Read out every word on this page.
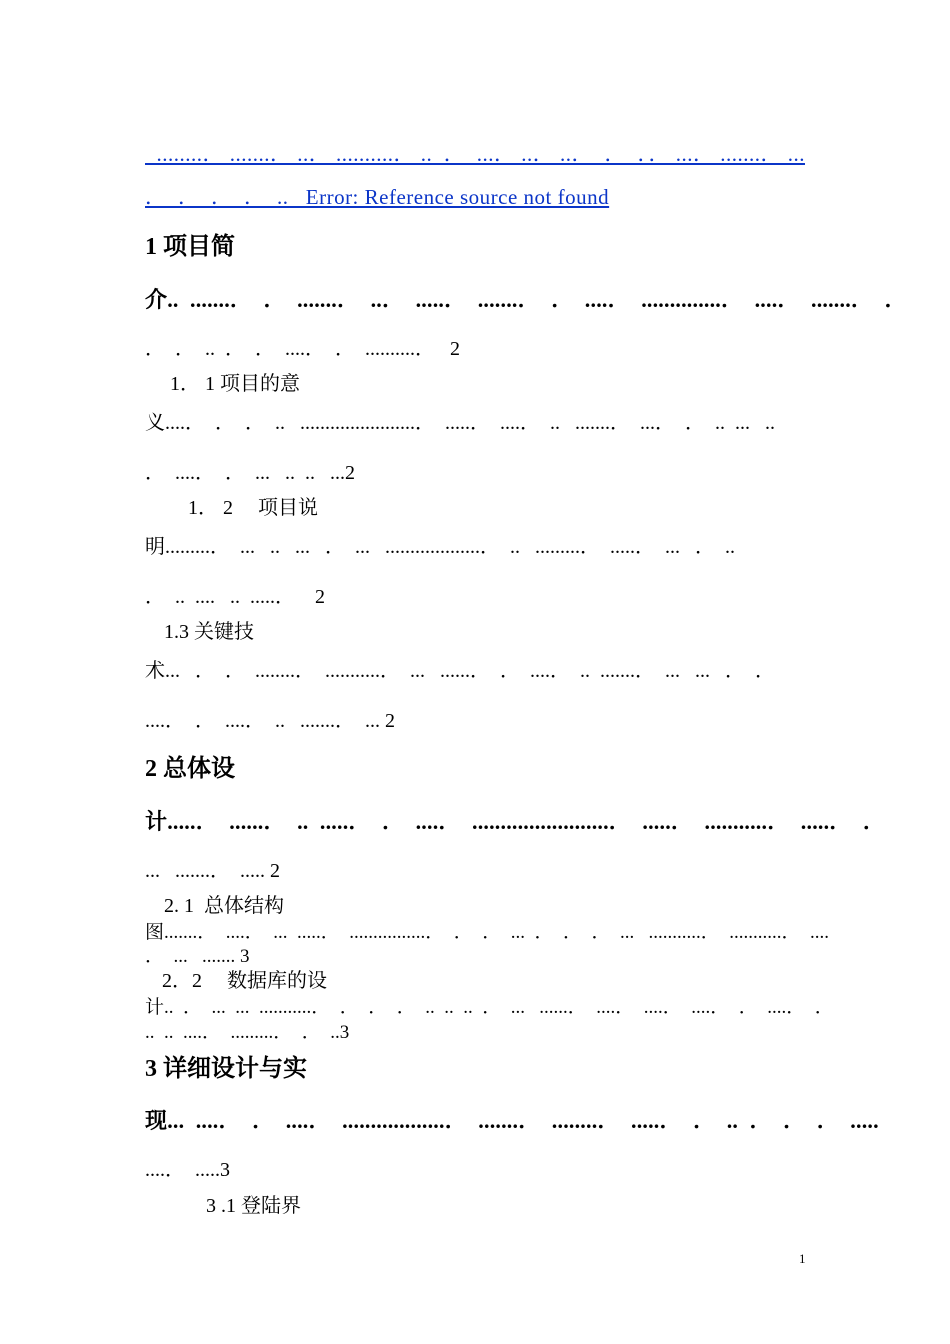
........． .......． ..． ..........． ..  ．  ...． ..． ..．  ．  ．． ...． .......． ...
．  ．  ．  ．  ..   Error: Reference source not found
1 项目简
介..  .......．  ．  .......．  ..．  .....．  .......．  ．  ....．  ..............．  ....．  .......．  ．
．  ．  ..  ．  ．  ....．  ．  ..........．   2
1． 1 项目的意
义....．  ．  ．  ..   .......................．  .....．  ....．  ..   .......．  ...．  ．  ..  ...   ..
．  ....．  ．  ...   ..  ..   ...2
1． 2     项目说
明.........．  ...   ..   ...   ．  ...   ...................．  ..   .........．  .....．  ...   ．  ..
．  ..  ....   ..  .....．    2
1.3 关键技
术...   ．  ．  ........．  ...........．  ...   ......．  ．  ....．  ..  .......．  ...   ...   ．  ．
....．  ．  ....．  ..   .......．  ... 2
2 总体设
计.....．  ......．  ..  .....．  ．  ....．  ........................．  .....．  ...........．  .....．  ．
...   .......．  ..... 2
2. 1  总体结构
图.......．  ....．  ...  .....．  ................．  ．  ．  ...  ．  ．  ．  ...   ...........．  ...........．  ....
．  ...   ....... 3
2．2     数据库的设
计..  ．  ...  ...  ...........．  ．  ．  ．  ..  ..  ..  ．  ...   ......．  ....．  ....．  ....．  ．  ....．  ．
..  ..  ....．  .........．  ．  ..3
3 详细设计与实
现...  ....．  ．  ....．  ..................．  .......．  ........．  .....．  ．  ..  ．  ．  ．  .....
....．  .....3
3 .1 登陆界
1
